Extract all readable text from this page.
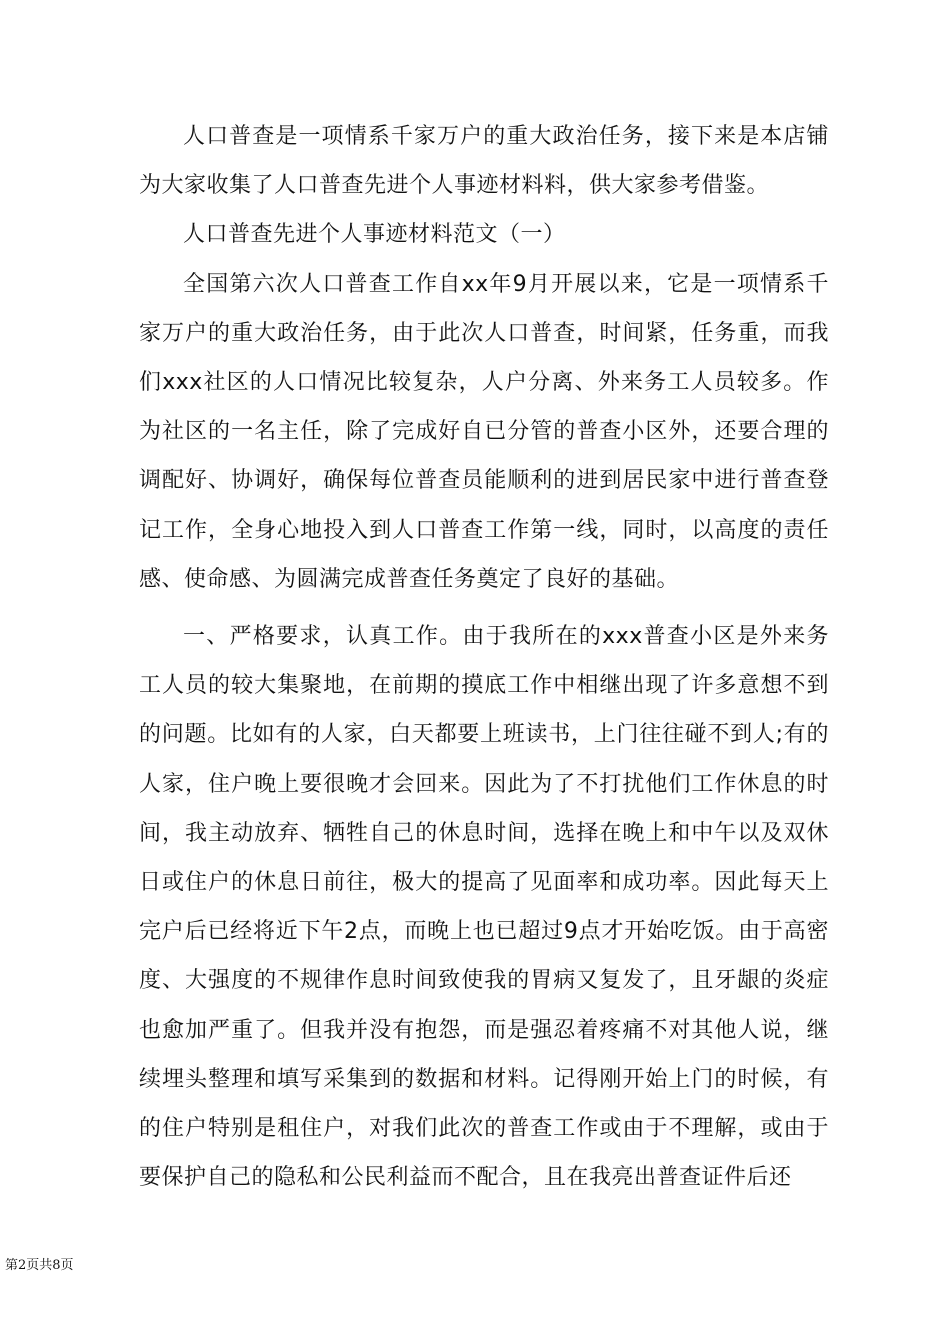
人口普查是一项情系千家万户的重大政治任务，接下来是本店铺为大家收集了人口普查先进个人事迹材料料，供大家参考借鉴。

人口普查先进个人事迹材料范文（一）

全国第六次人口普查工作自xx年9月开展以来，它是一项情系千家万户的重大政治任务，由于此次人口普查，时间紧，任务重，而我们xxx社区的人口情况比较复杂，人户分离、外来务工人员较多。作为社区的一名主任，除了完成好自已分管的普查小区外，还要合理的调配好、协调好，确保每位普查员能顺利的进到居民家中进行普查登记工作，全身心地投入到人口普查工作第一线，同时，以高度的责任感、使命感、为圆满完成普查任务奠定了良好的基础。

一、严格要求，认真工作。由于我所在的xxx普查小区是外来务工人员的较大集聚地，在前期的摸底工作中相继出现了许多意想不到的问题。比如有的人家，白天都要上班读书，上门往往碰不到人;有的人家，住户晚上要很晚才会回来。因此为了不打扰他们工作休息的时间，我主动放弃、牺牲自己的休息时间，选择在晚上和中午以及双休日或住户的休息日前往，极大的提高了见面率和成功率。因此每天上完户后已经将近下午2点，而晚上也已超过9点才开始吃饭。由于高密度、大强度的不规律作息时间致使我的胃病又复发了，且牙龈的炎症也愈加严重了。但我并没有抱怨，而是强忍着疼痛不对其他人说，继续埋头整理和填写采集到的数据和材料。记得刚开始上门的时候，有的住户特别是租住户，对我们此次的普查工作或由于不理解，或由于要保护自己的隐私和公民利益而不配合，且在我亮出普查证件后还

第2页共8页
